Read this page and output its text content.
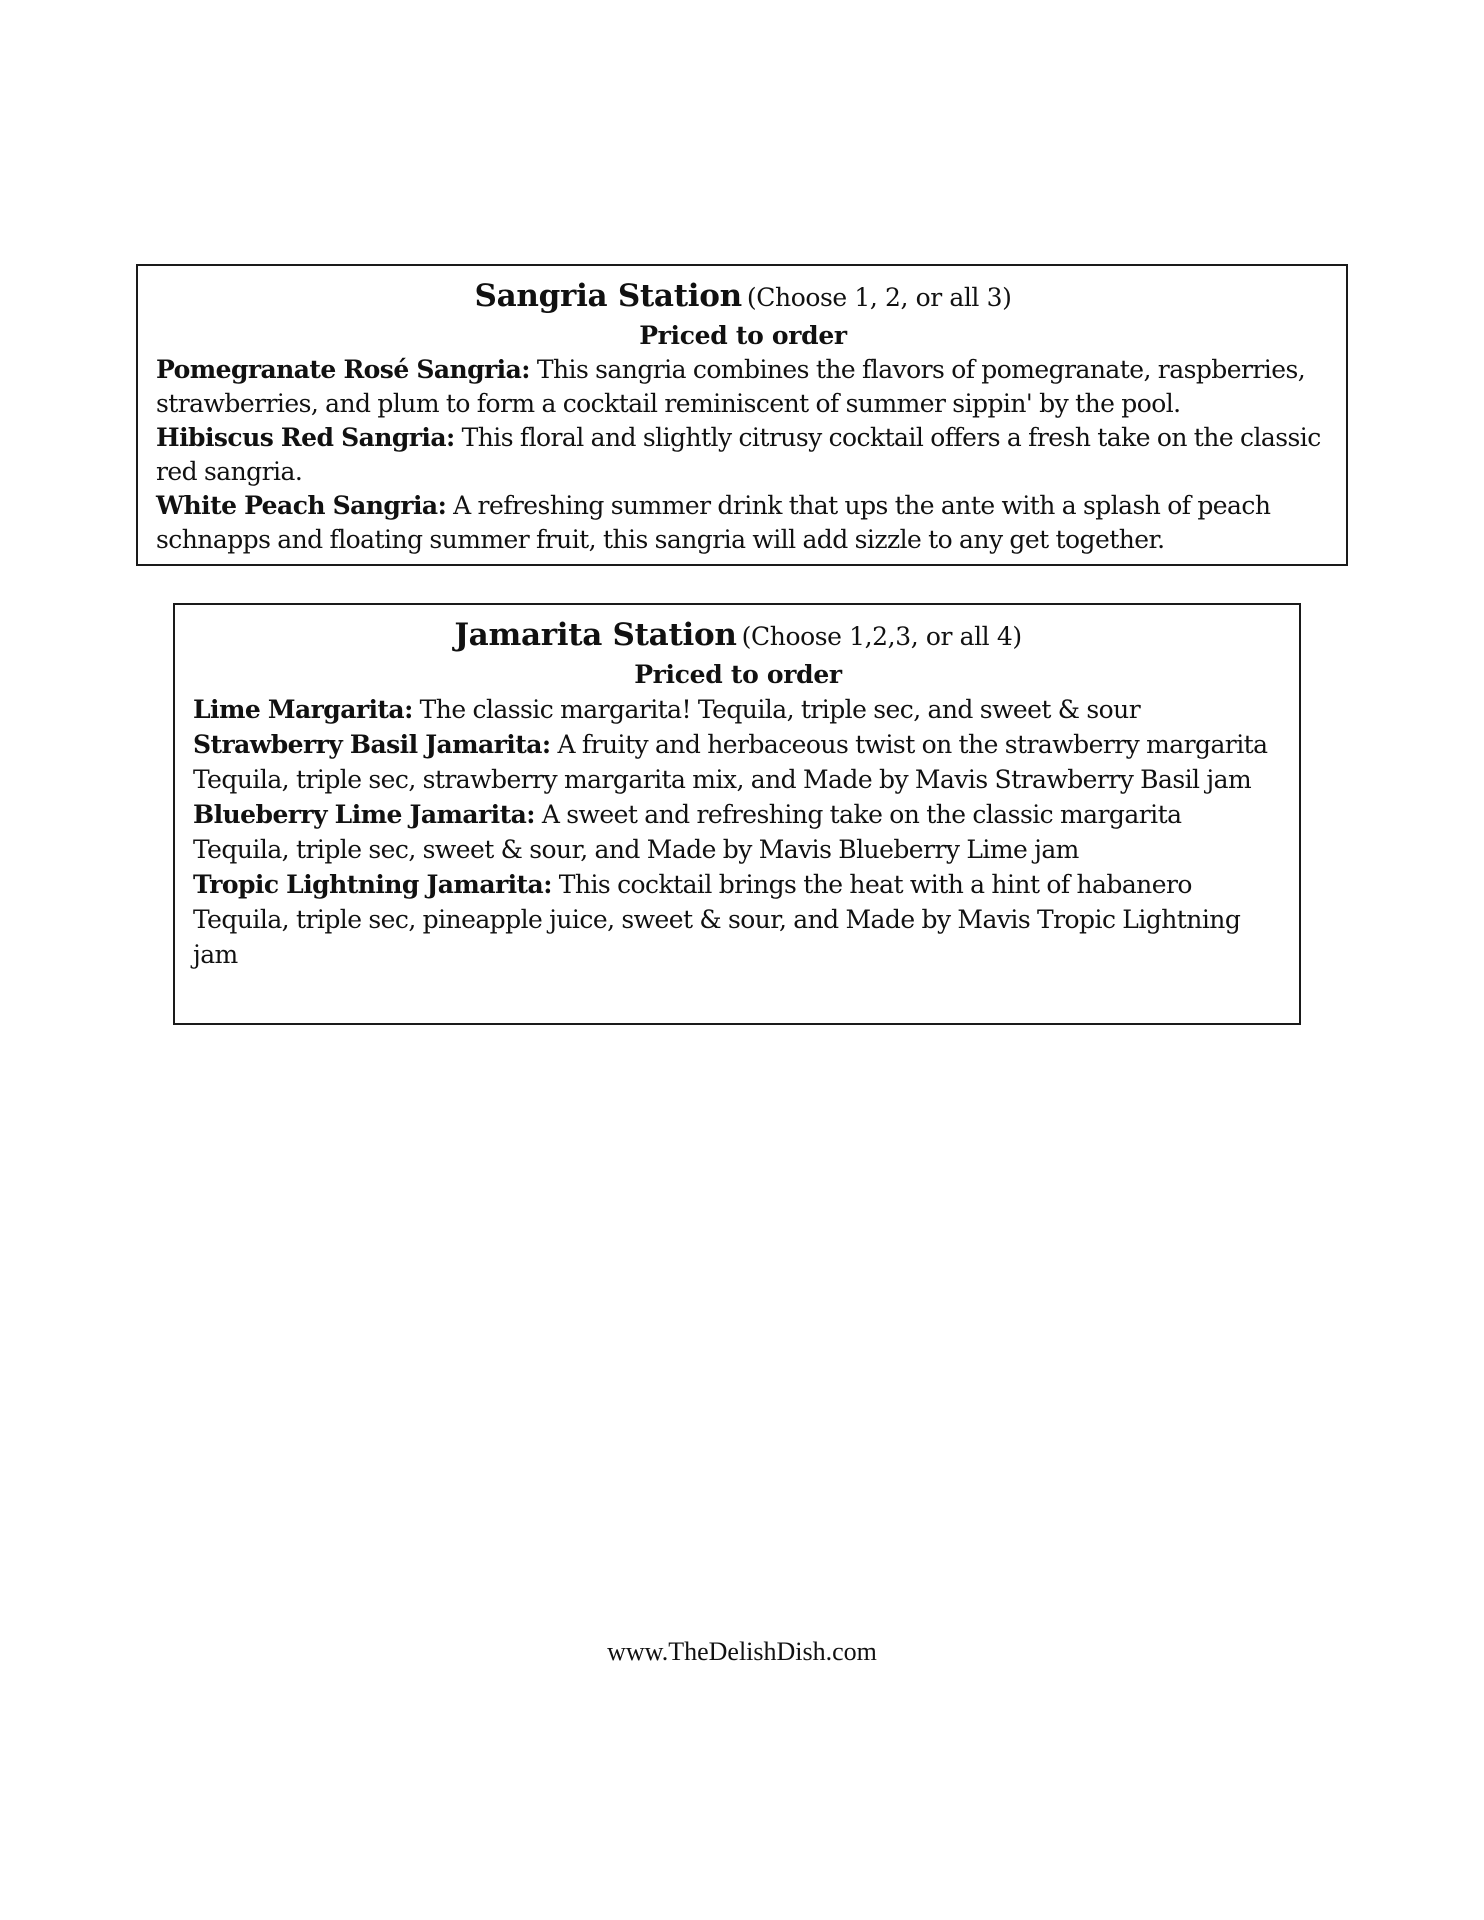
Sangria Station (Choose 1, 2, or all 3)
Priced to order
Pomegranate Rosé Sangria: This sangria combines the flavors of pomegranate, raspberries, strawberries, and plum to form a cocktail reminiscent of summer sippin' by the pool.
Hibiscus Red Sangria: This floral and slightly citrusy cocktail offers a fresh take on the classic red sangria.
White Peach Sangria: A refreshing summer drink that ups the ante with a splash of peach schnapps and floating summer fruit, this sangria will add sizzle to any get together.
Jamarita Station (Choose 1,2,3, or all 4)
Priced to order
Lime Margarita: The classic margarita! Tequila, triple sec, and sweet & sour
Strawberry Basil Jamarita: A fruity and herbaceous twist on the strawberry margarita
Tequila, triple sec, strawberry margarita mix, and Made by Mavis Strawberry Basil jam
Blueberry Lime Jamarita: A sweet and refreshing take on the classic margarita
Tequila, triple sec, sweet & sour, and Made by Mavis Blueberry Lime jam
Tropic Lightning Jamarita: This cocktail brings the heat with a hint of habanero
Tequila, triple sec, pineapple juice, sweet & sour, and Made by Mavis Tropic Lightning jam
www.TheDelishDish.com
